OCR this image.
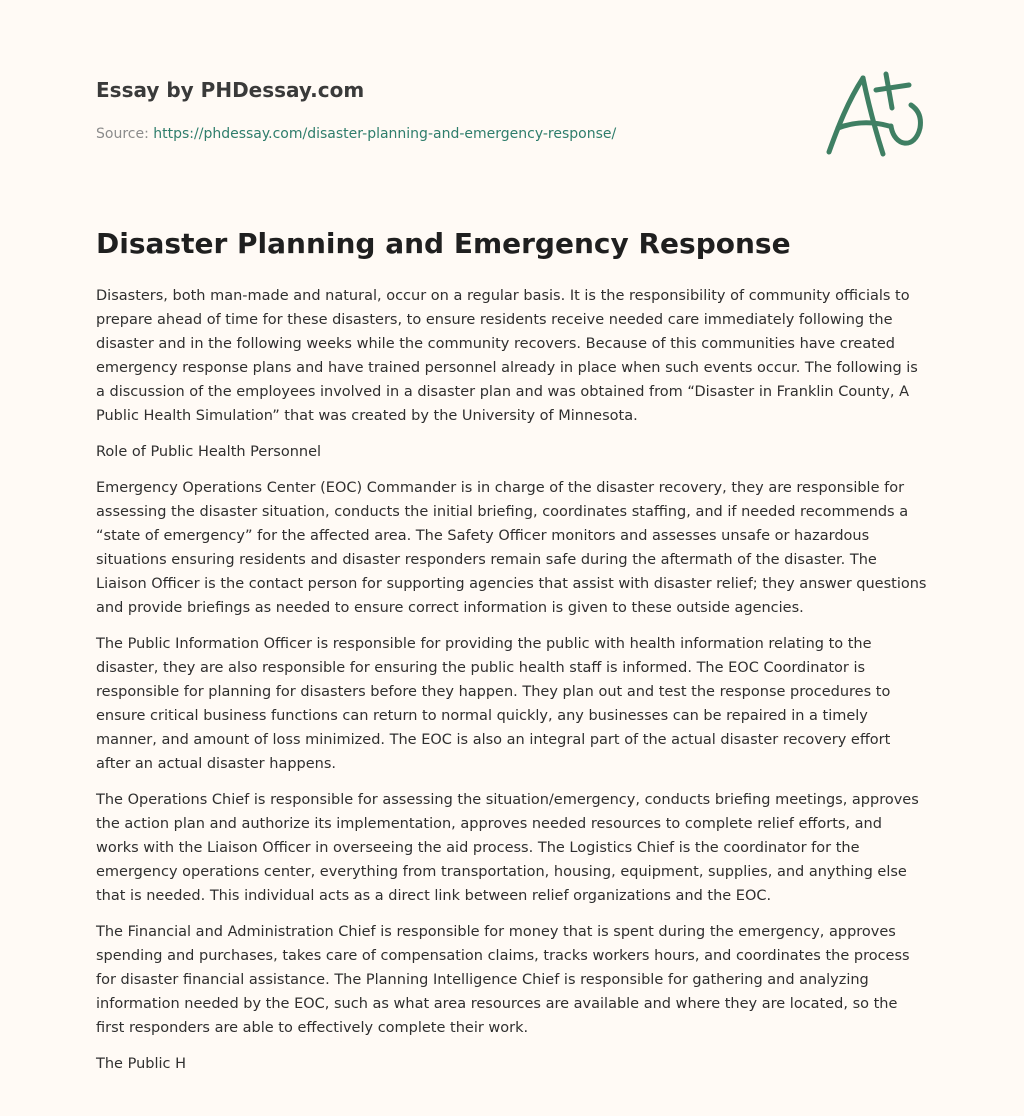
Essay by PHDessay.com
Source: https://phdessay.com/disaster-planning-and-emergency-response/
Disaster Planning and Emergency Response

Disasters, both man-made and natural, occur on a regular basis. It is the responsibility of community officials to prepare ahead of time for these disasters, to ensure residents receive needed care immediately following the disaster and in the following weeks while the community recovers. Because of this communities have created emergency response plans and have trained personnel already in place when such events occur. The following is a discussion of the employees involved in a disaster plan and was obtained from “Disaster in Franklin County, A Public Health Simulation” that was created by the University of Minnesota.

Role of Public Health Personnel

Emergency Operations Center (EOC) Commander is in charge of the disaster recovery, they are responsible for assessing the disaster situation, conducts the initial briefing, coordinates staffing, and if needed recommends a “state of emergency” for the affected area. The Safety Officer monitors and assesses unsafe or hazardous situations ensuring residents and disaster responders remain safe during the aftermath of the disaster. The Liaison Officer is the contact person for supporting agencies that assist with disaster relief; they answer questions and provide briefings as needed to ensure correct information is given to these outside agencies.

The Public Information Officer is responsible for providing the public with health information relating to the disaster, they are also responsible for ensuring the public health staff is informed. The EOC Coordinator is responsible for planning for disasters before they happen. They plan out and test the response procedures to ensure critical business functions can return to normal quickly, any businesses can be repaired in a timely manner, and amount of loss minimized. The EOC is also an integral part of the actual disaster recovery effort after an actual disaster happens.

The Operations Chief is responsible for assessing the situation/emergency, conducts briefing meetings, approves the action plan and authorize its implementation, approves needed resources to complete relief efforts, and works with the Liaison Officer in overseeing the aid process. The Logistics Chief is the coordinator for the emergency operations center, everything from transportation, housing, equipment, supplies, and anything else that is needed. This individual acts as a direct link between relief organizations and the EOC.

The Financial and Administration Chief is responsible for money that is spent during the emergency, approves spending and purchases, takes care of compensation claims, tracks workers hours, and coordinates the process for disaster financial assistance. The Planning Intelligence Chief is responsible for gathering and analyzing information needed by the EOC, such as what area resources are available and where they are located, so the first responders are able to effectively complete their work.

The Public H
